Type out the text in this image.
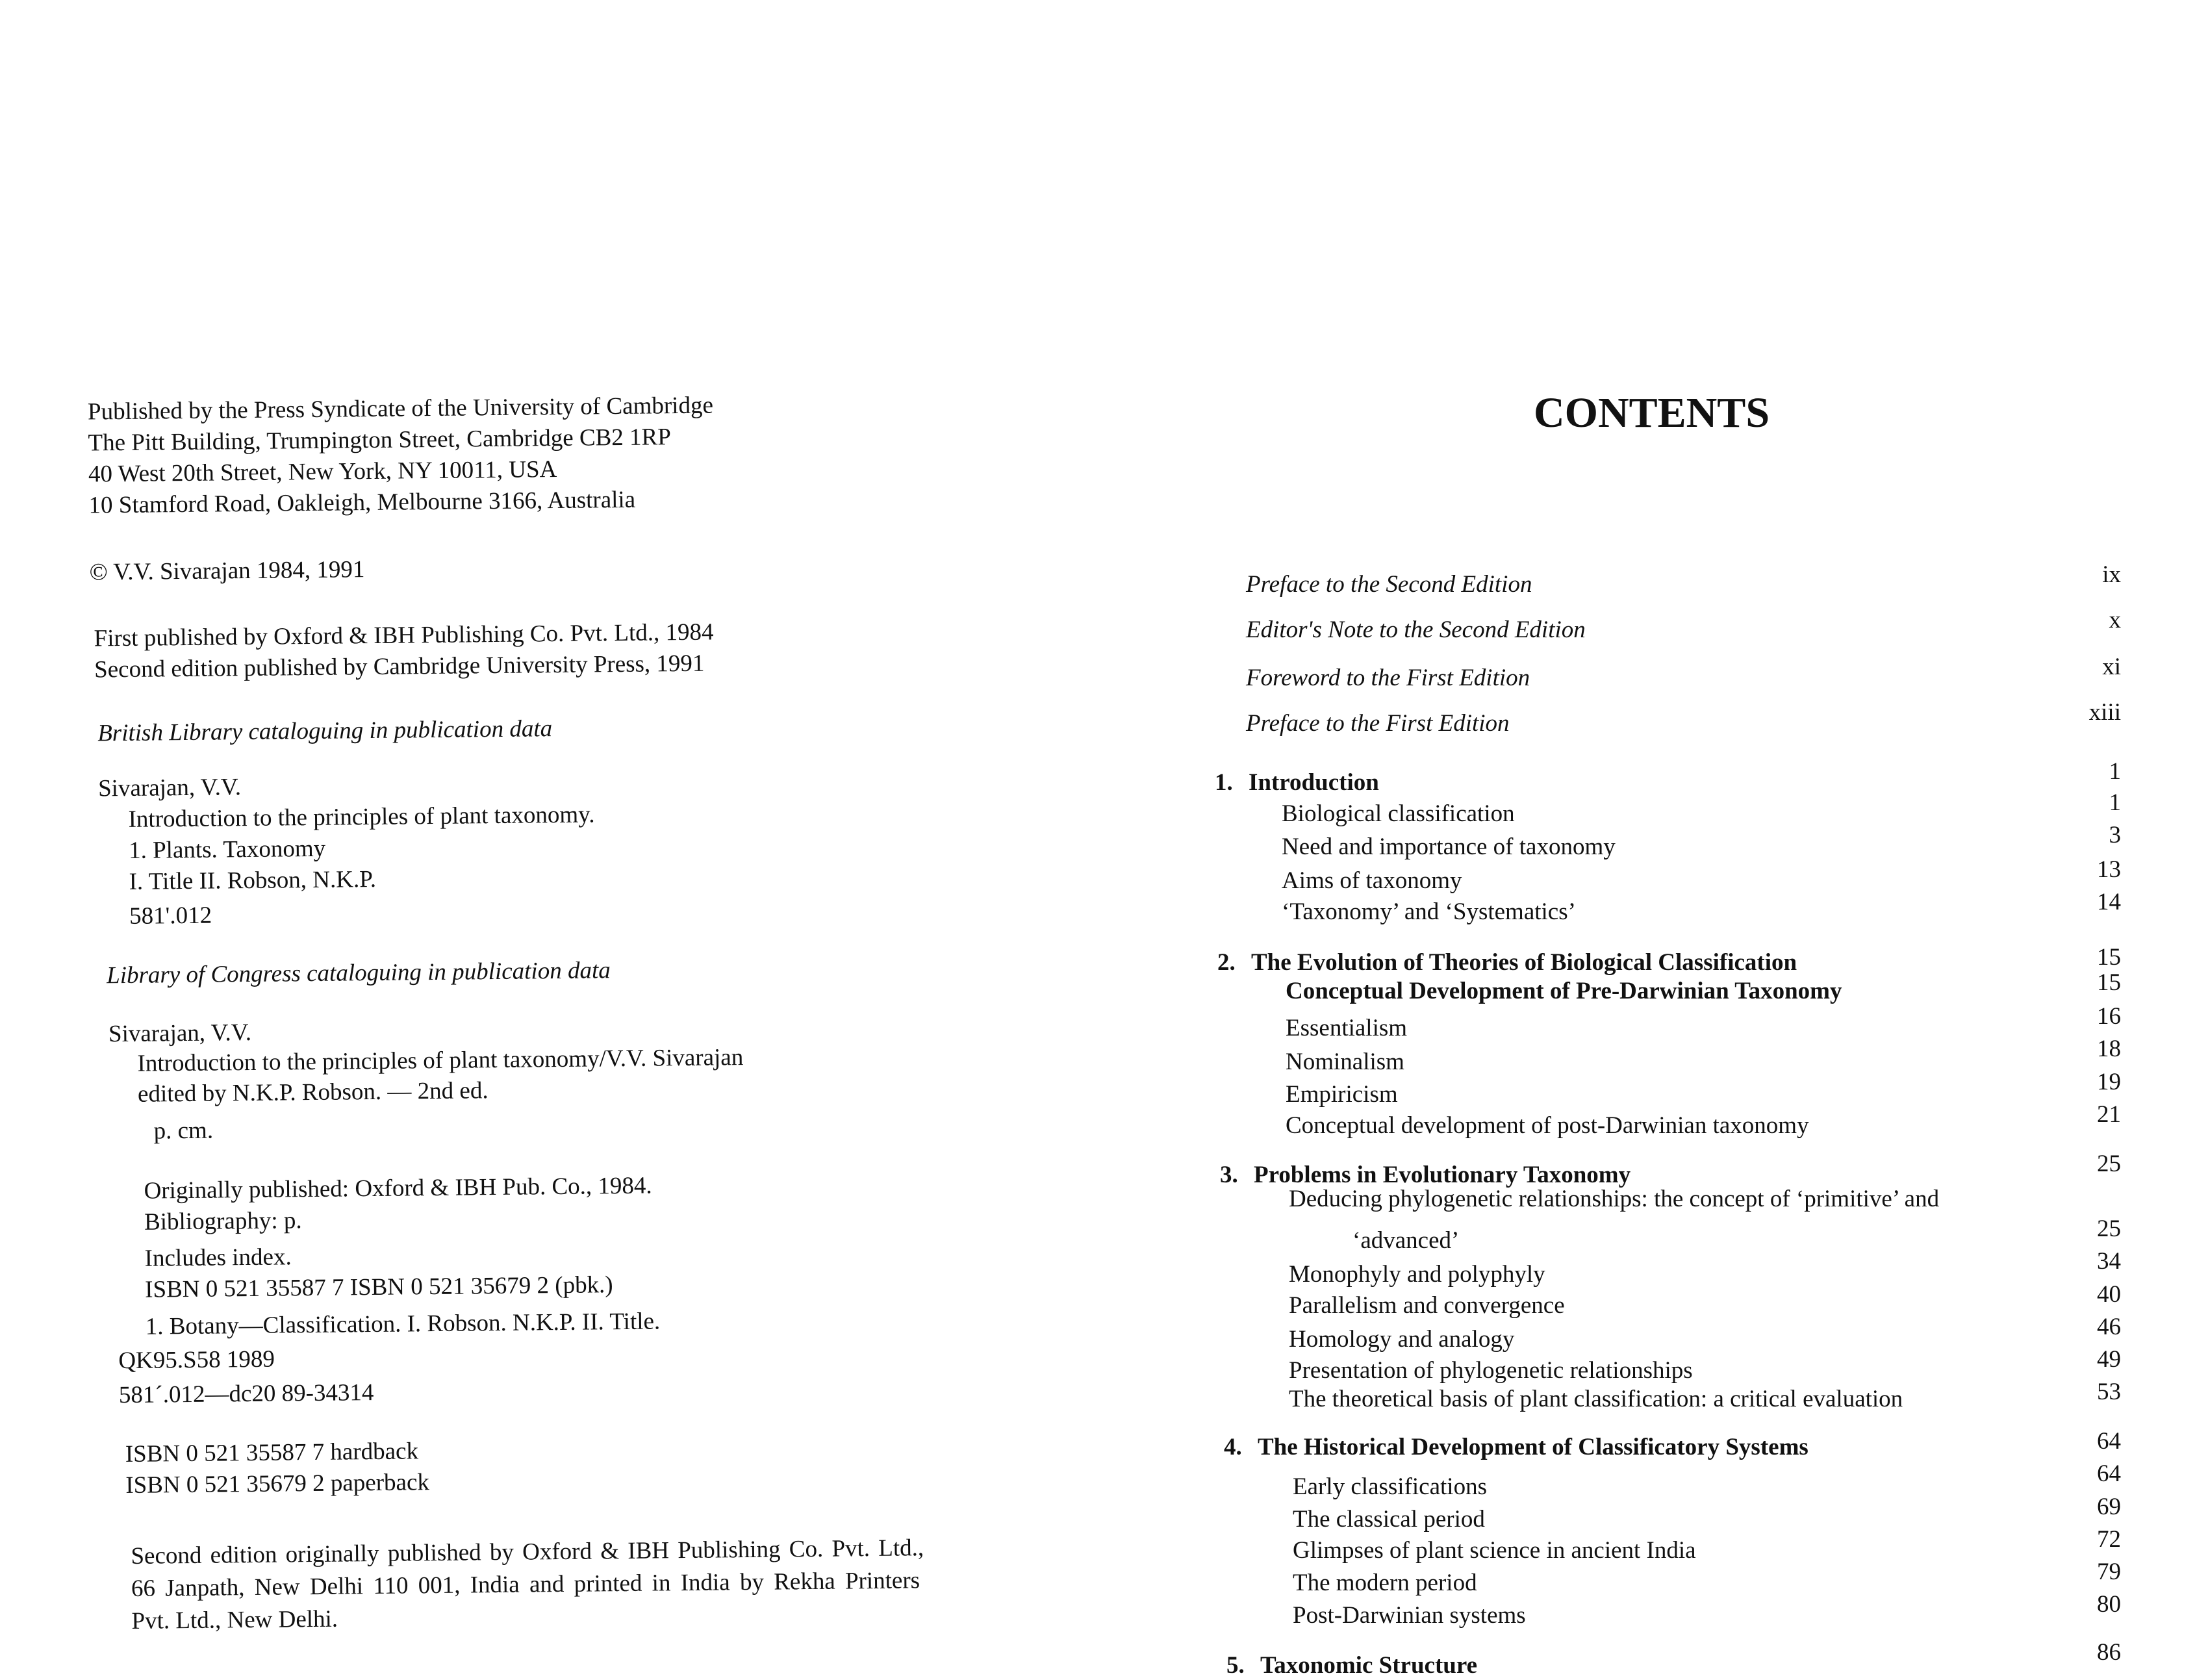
Published by the Press Syndicate of the University of Cambridge
The Pitt Building, Trumpington Street, Cambridge CB2 1RP
40 West 20th Street, New York, NY 10011, USA
10 Stamford Road, Oakleigh, Melbourne 3166, Australia
© V.V. Sivarajan 1984, 1991
First published by Oxford & IBH Publishing Co. Pvt. Ltd., 1984
Second edition published by Cambridge University Press, 1991
British Library cataloguing in publication data
Sivarajan, V.V.
Introduction to the principles of plant taxonomy.
1. Plants. Taxonomy
I. Title II. Robson, N.K.P.
581'.012
Library of Congress cataloguing in publication data
Sivarajan, V.V.
Introduction to the principles of plant taxonomy/V.V. Sivarajan
edited by N.K.P. Robson. — 2nd ed.
p. cm.
Originally published: Oxford & IBH Pub. Co., 1984.
Bibliography: p.
Includes index.
ISBN 0 521 35587 7 ISBN 0 521 35679 2 (pbk.)
1. Botany—Classification. I. Robson. N.K.P. II. Title.
QK95.S58 1989
581´.012—dc20 89-34314
ISBN 0 521 35587 7 hardback
ISBN 0 521 35679 2 paperback
Second edition originally published by Oxford & IBH Publishing Co. Pvt. Ltd.,
66 Janpath, New Delhi 110 001, India and printed in India by Rekha Printers
Pvt. Ltd., New Delhi.
CONTENTS
Preface to the Second Edition	ix
Editor's Note to the Second Edition	x
Foreword to the First Edition	xi
Preface to the First Edition	xiii
1. Introduction	1
Biological classification	1
Need and importance of taxonomy	3
Aims of taxonomy	13
‘Taxonomy’ and ‘Systematics’	14
2. The Evolution of Theories of Biological Classification	15
Conceptual Development of Pre-Darwinian Taxonomy	15
Essentialism	16
Nominalism	18
Empiricism	19
Conceptual development of post-Darwinian taxonomy	21
3. Problems in Evolutionary Taxonomy	25
Deducing phylogenetic relationships: the concept of ‘primitive’ and
‘advanced’	25
Monophyly and polyphyly	34
Parallelism and convergence	40
Homology and analogy	46
Presentation of phylogenetic relationships	49
The theoretical basis of plant classification: a critical evaluation	53
4. The Historical Development of Classificatory Systems	64
Early classifications	64
The classical period	69
Glimpses of plant science in ancient India	72
The modern period	79
Post-Darwinian systems	80
5. Taxonomic Structure	86
